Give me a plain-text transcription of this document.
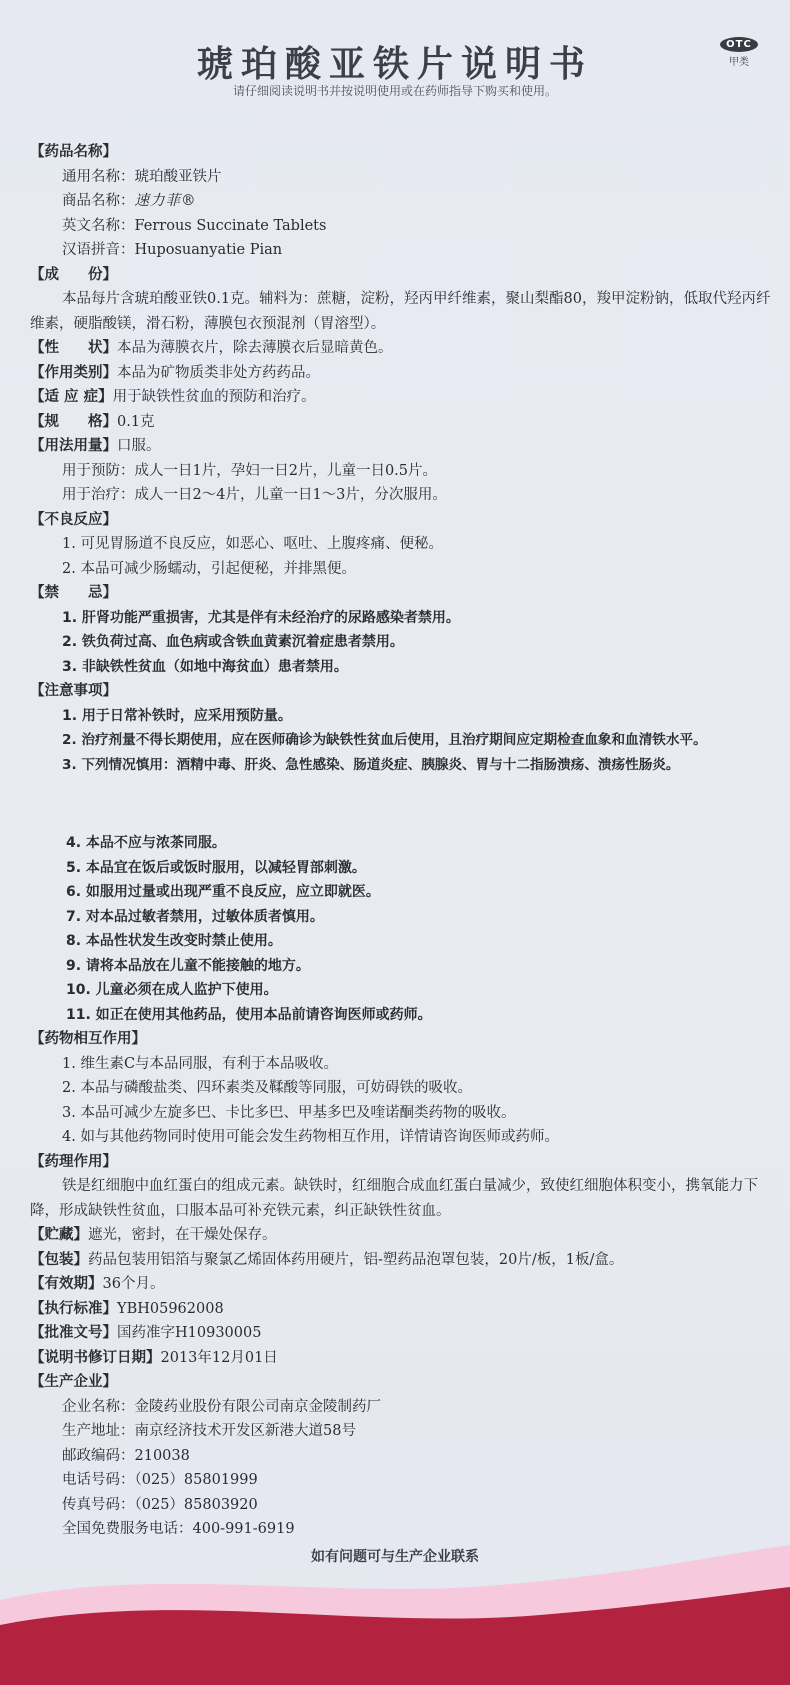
琥珀酸亚铁片说明书
请仔细阅读说明书并按说明使用或在药师指导下购买和使用。
OTC
甲类
【药品名称】
通用名称：琥珀酸亚铁片
商品名称：速力菲®
英文名称：Ferrous Succinate Tablets
汉语拼音：Huposuanyatie Pian
【成　　份】
本品每片含琥珀酸亚铁0.1克。辅料为：蔗糖，淀粉，羟丙甲纤维素，聚山梨酯80，羧甲淀粉钠，低取代羟丙纤维素，硬脂酸镁，滑石粉，薄膜包衣预混剂（胃溶型）。
【性　　状】本品为薄膜衣片，除去薄膜衣后显暗黄色。
【作用类别】本品为矿物质类非处方药药品。
【适 应 症】用于缺铁性贫血的预防和治疗。
【规　　格】0.1克
【用法用量】口服。
用于预防：成人一日1片，孕妇一日2片，儿童一日0.5片。
用于治疗：成人一日2～4片，儿童一日1～3片，分次服用。
【不良反应】
1. 可见胃肠道不良反应，如恶心、呕吐、上腹疼痛、便秘。
2. 本品可减少肠蠕动，引起便秘，并排黑便。
【禁　　忌】
1. 肝肾功能严重损害，尤其是伴有未经治疗的尿路感染者禁用。
2. 铁负荷过高、血色病或含铁血黄素沉着症患者禁用。
3. 非缺铁性贫血（如地中海贫血）患者禁用。
【注意事项】
1. 用于日常补铁时，应采用预防量。
2. 治疗剂量不得长期使用，应在医师确诊为缺铁性贫血后使用，且治疗期间应定期检查血象和血清铁水平。
3. 下列情况慎用：酒精中毒、肝炎、急性感染、肠道炎症、胰腺炎、胃与十二指肠溃疡、溃疡性肠炎。
4. 本品不应与浓茶同服。
5. 本品宜在饭后或饭时服用，以减轻胃部刺激。
6. 如服用过量或出现严重不良反应，应立即就医。
7. 对本品过敏者禁用，过敏体质者慎用。
8. 本品性状发生改变时禁止使用。
9. 请将本品放在儿童不能接触的地方。
10. 儿童必须在成人监护下使用。
11. 如正在使用其他药品，使用本品前请咨询医师或药师。
【药物相互作用】
1. 维生素C与本品同服，有利于本品吸收。
2. 本品与磷酸盐类、四环素类及鞣酸等同服，可妨碍铁的吸收。
3. 本品可减少左旋多巴、卡比多巴、甲基多巴及喹诺酮类药物的吸收。
4. 如与其他药物同时使用可能会发生药物相互作用，详情请咨询医师或药师。
【药理作用】
铁是红细胞中血红蛋白的组成元素。缺铁时，红细胞合成血红蛋白量减少，致使红细胞体积变小，携氧能力下降，形成缺铁性贫血，口服本品可补充铁元素，纠正缺铁性贫血。
【贮藏】遮光，密封，在干燥处保存。
【包装】药品包装用铝箔与聚氯乙烯固体药用硬片，铝-塑药品泡罩包装，20片/板，1板/盒。
【有效期】36个月。
【执行标准】YBH05962008
【批准文号】国药准字H10930005
【说明书修订日期】2013年12月01日
【生产企业】
企业名称：金陵药业股份有限公司南京金陵制药厂
生产地址：南京经济技术开发区新港大道58号
邮政编码：210038
电话号码：（025）85801999
传真号码：（025）85803920
全国免费服务电话：400-991-6919
如有问题可与生产企业联系
